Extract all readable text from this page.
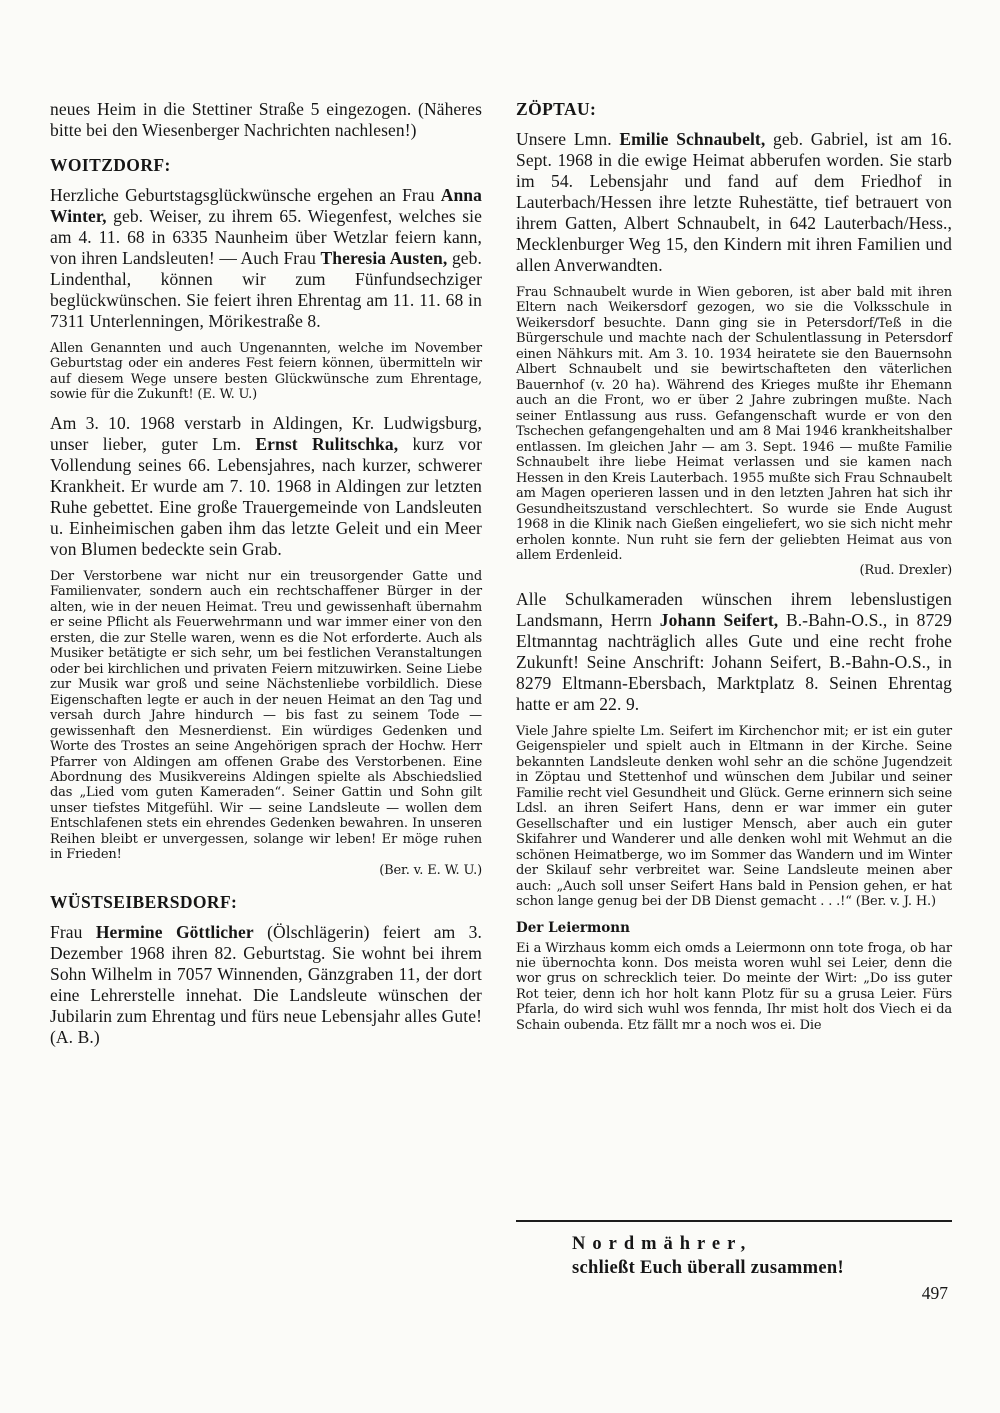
neues Heim in die Stettiner Straße 5 eingezogen. (Näheres bitte bei den Wiesenberger Nachrichten nachlesen!)

WOITZDORF:

Herzliche Geburtstagsglückwünsche ergehen an Frau Anna Winter, geb. Weiser, zu ihrem 65. Wiegenfest, welches sie am 4. 11. 68 in 6335 Naunheim über Wetzlar feiern kann, von ihren Landsleuten! — Auch Frau Theresia Austen, geb. Lindenthal, können wir zum Fünfundsechziger beglückwünschen. Sie feiert ihren Ehrentag am 11. 11. 68 in 7311 Unterlenningen, Mörikestraße 8.

Allen Genannten und auch Ungenannten, welche im November Geburtstag oder ein anderes Fest feiern können, übermitteln wir auf diesem Wege unsere besten Glückwünsche zum Ehrentage, sowie für die Zukunft! (E. W. U.)

Am 3. 10. 1968 verstarb in Aldingen, Kr. Ludwigsburg, unser lieber, guter Lm. Ernst Rulitschka, kurz vor Vollendung seines 66. Lebensjahres, nach kurzer, schwerer Krankheit. Er wurde am 7. 10. 1968 in Aldingen zur letzten Ruhe gebettet. Eine große Trauergemeinde von Landsleuten u. Einheimischen gaben ihm das letzte Geleit und ein Meer von Blumen bedeckte sein Grab.

Der Verstorbene war nicht nur ein treusorgender Gatte und Familienvater, sondern auch ein rechtschaffener Bürger in der alten, wie in der neuen Heimat. Treu und gewissenhaft übernahm er seine Pflicht als Feuerwehrmann und war immer einer von den ersten, die zur Stelle waren, wenn es die Not erforderte. Auch als Musiker betätigte er sich sehr, um bei festlichen Veranstaltungen oder bei kirchlichen und privaten Feiern mitzuwirken. Seine Liebe zur Musik war groß und seine Nächstenliebe vorbildlich. Diese Eigenschaften legte er auch in der neuen Heimat an den Tag und versah durch Jahre hindurch — bis fast zu seinem Tode — gewissenhaft den Mesnerdienst. Ein würdiges Gedenken und Worte des Trostes an seine Angehörigen sprach der Hochw. Herr Pfarrer von Aldingen am offenen Grabe des Verstorbenen. Eine Abordnung des Musikvereins Aldingen spielte als Abschiedslied das „Lied vom guten Kameraden“. Seiner Gattin und Sohn gilt unser tiefstes Mitgefühl. Wir — seine Landsleute — wollen dem Entschlafenen stets ein ehrendes Gedenken bewahren. In unseren Reihen bleibt er unvergessen, solange wir leben! Er möge ruhen in Frieden!
(Ber. v. E. W. U.)
WÜSTSEIBERSDORF:

Frau Hermine Göttlicher (Ölschlägerin) feiert am 3. Dezember 1968 ihren 82. Geburtstag. Sie wohnt bei ihrem Sohn Wilhelm in 7057 Winnenden, Gänzgraben 11, der dort eine Lehrerstelle innehat. Die Landsleute wünschen der Jubilarin zum Ehrentag und fürs neue Lebensjahr alles Gute! (A. B.)

ZÖPTAU:

Unsere Lmn. Emilie Schnaubelt, geb. Gabriel, ist am 16. Sept. 1968 in die ewige Heimat abberufen worden. Sie starb im 54. Lebensjahr und fand auf dem Friedhof in Lauterbach/Hessen ihre letzte Ruhestätte, tief betrauert von ihrem Gatten, Albert Schnaubelt, in 642 Lauterbach/Hess., Mecklenburger Weg 15, den Kindern mit ihren Familien und allen Anverwandten.

Frau Schnaubelt wurde in Wien geboren, ist aber bald mit ihren Eltern nach Weikersdorf gezogen, wo sie die Volksschule in Weikersdorf besuchte. Dann ging sie in Petersdorf/Teß in die Bürgerschule und machte nach der Schulentlassung in Petersdorf einen Nähkurs mit. Am 3. 10. 1934 heiratete sie den Bauernsohn Albert Schnaubelt und sie bewirtschafteten den väterlichen Bauernhof (v. 20 ha). Während des Krieges mußte ihr Ehemann auch an die Front, wo er über 2 Jahre zubringen mußte. Nach seiner Entlassung aus russ. Gefangenschaft wurde er von den Tschechen gefangengehalten und am 8 Mai 1946 krankheitshalber entlassen. Im gleichen Jahr — am 3. Sept. 1946 — mußte Familie Schnaubelt ihre liebe Heimat verlassen und sie kamen nach Hessen in den Kreis Lauterbach. 1955 mußte sich Frau Schnaubelt am Magen operieren lassen und in den letzten Jahren hat sich ihr Gesundheitszustand verschlechtert. So wurde sie Ende August 1968 in die Klinik nach Gießen eingeliefert, wo sie sich nicht mehr erholen konnte. Nun ruht sie fern der geliebten Heimat aus von allem Erdenleid.
(Rud. Drexler)

Alle Schulkameraden wünschen ihrem lebenslustigen Landsmann, Herrn Johann Seifert, B.-Bahn-O.S., in 8729 Eltmanntag nachträglich alles Gute und eine recht frohe Zukunft! Seine Anschrift: Johann Seifert, B.-Bahn-O.S., in 8279 Eltmann-Ebersbach, Marktplatz 8. Seinen Ehrentag hatte er am 22. 9.

Viele Jahre spielte Lm. Seifert im Kirchenchor mit; er ist ein guter Geigenspieler und spielt auch in Eltmann in der Kirche. Seine bekannten Landsleute denken wohl sehr an die schöne Jugendzeit in Zöptau und Stettenhof und wünschen dem Jubilar und seiner Familie recht viel Gesundheit und Glück. Gerne erinnern sich seine Ldsl. an ihren Seifert Hans, denn er war immer ein guter Gesellschafter und ein lustiger Mensch, aber auch ein guter Skifahrer und Wanderer und alle denken wohl mit Wehmut an die schönen Heimatberge, wo im Sommer das Wandern und im Winter der Skilauf sehr verbreitet war. Seine Landsleute meinen aber auch: „Auch soll unser Seifert Hans bald in Pension gehen, er hat schon lange genug bei der DB Dienst gemacht . . .!“ (Ber. v. J. H.)

Der Leiermonn

Ei a Wirzhaus komm eich omds a Leiermonn onn tote froga, ob har nie übernochta konn. Dos meista woren wuhl sei Leier, denn die wor grus on schrecklich teier. Do meinte der Wirt: „Do iss guter Rot teier, denn ich hor holt kann Plotz für su a grusa Leier. Fürs Pfarla, do wird sich wuhl wos fennda, Ihr mist holt dos Viech ei da Schain oubenda. Etz fällt mr a noch wos ei. Die

Nordmährer,
schließt Euch überall zusammen!
497
